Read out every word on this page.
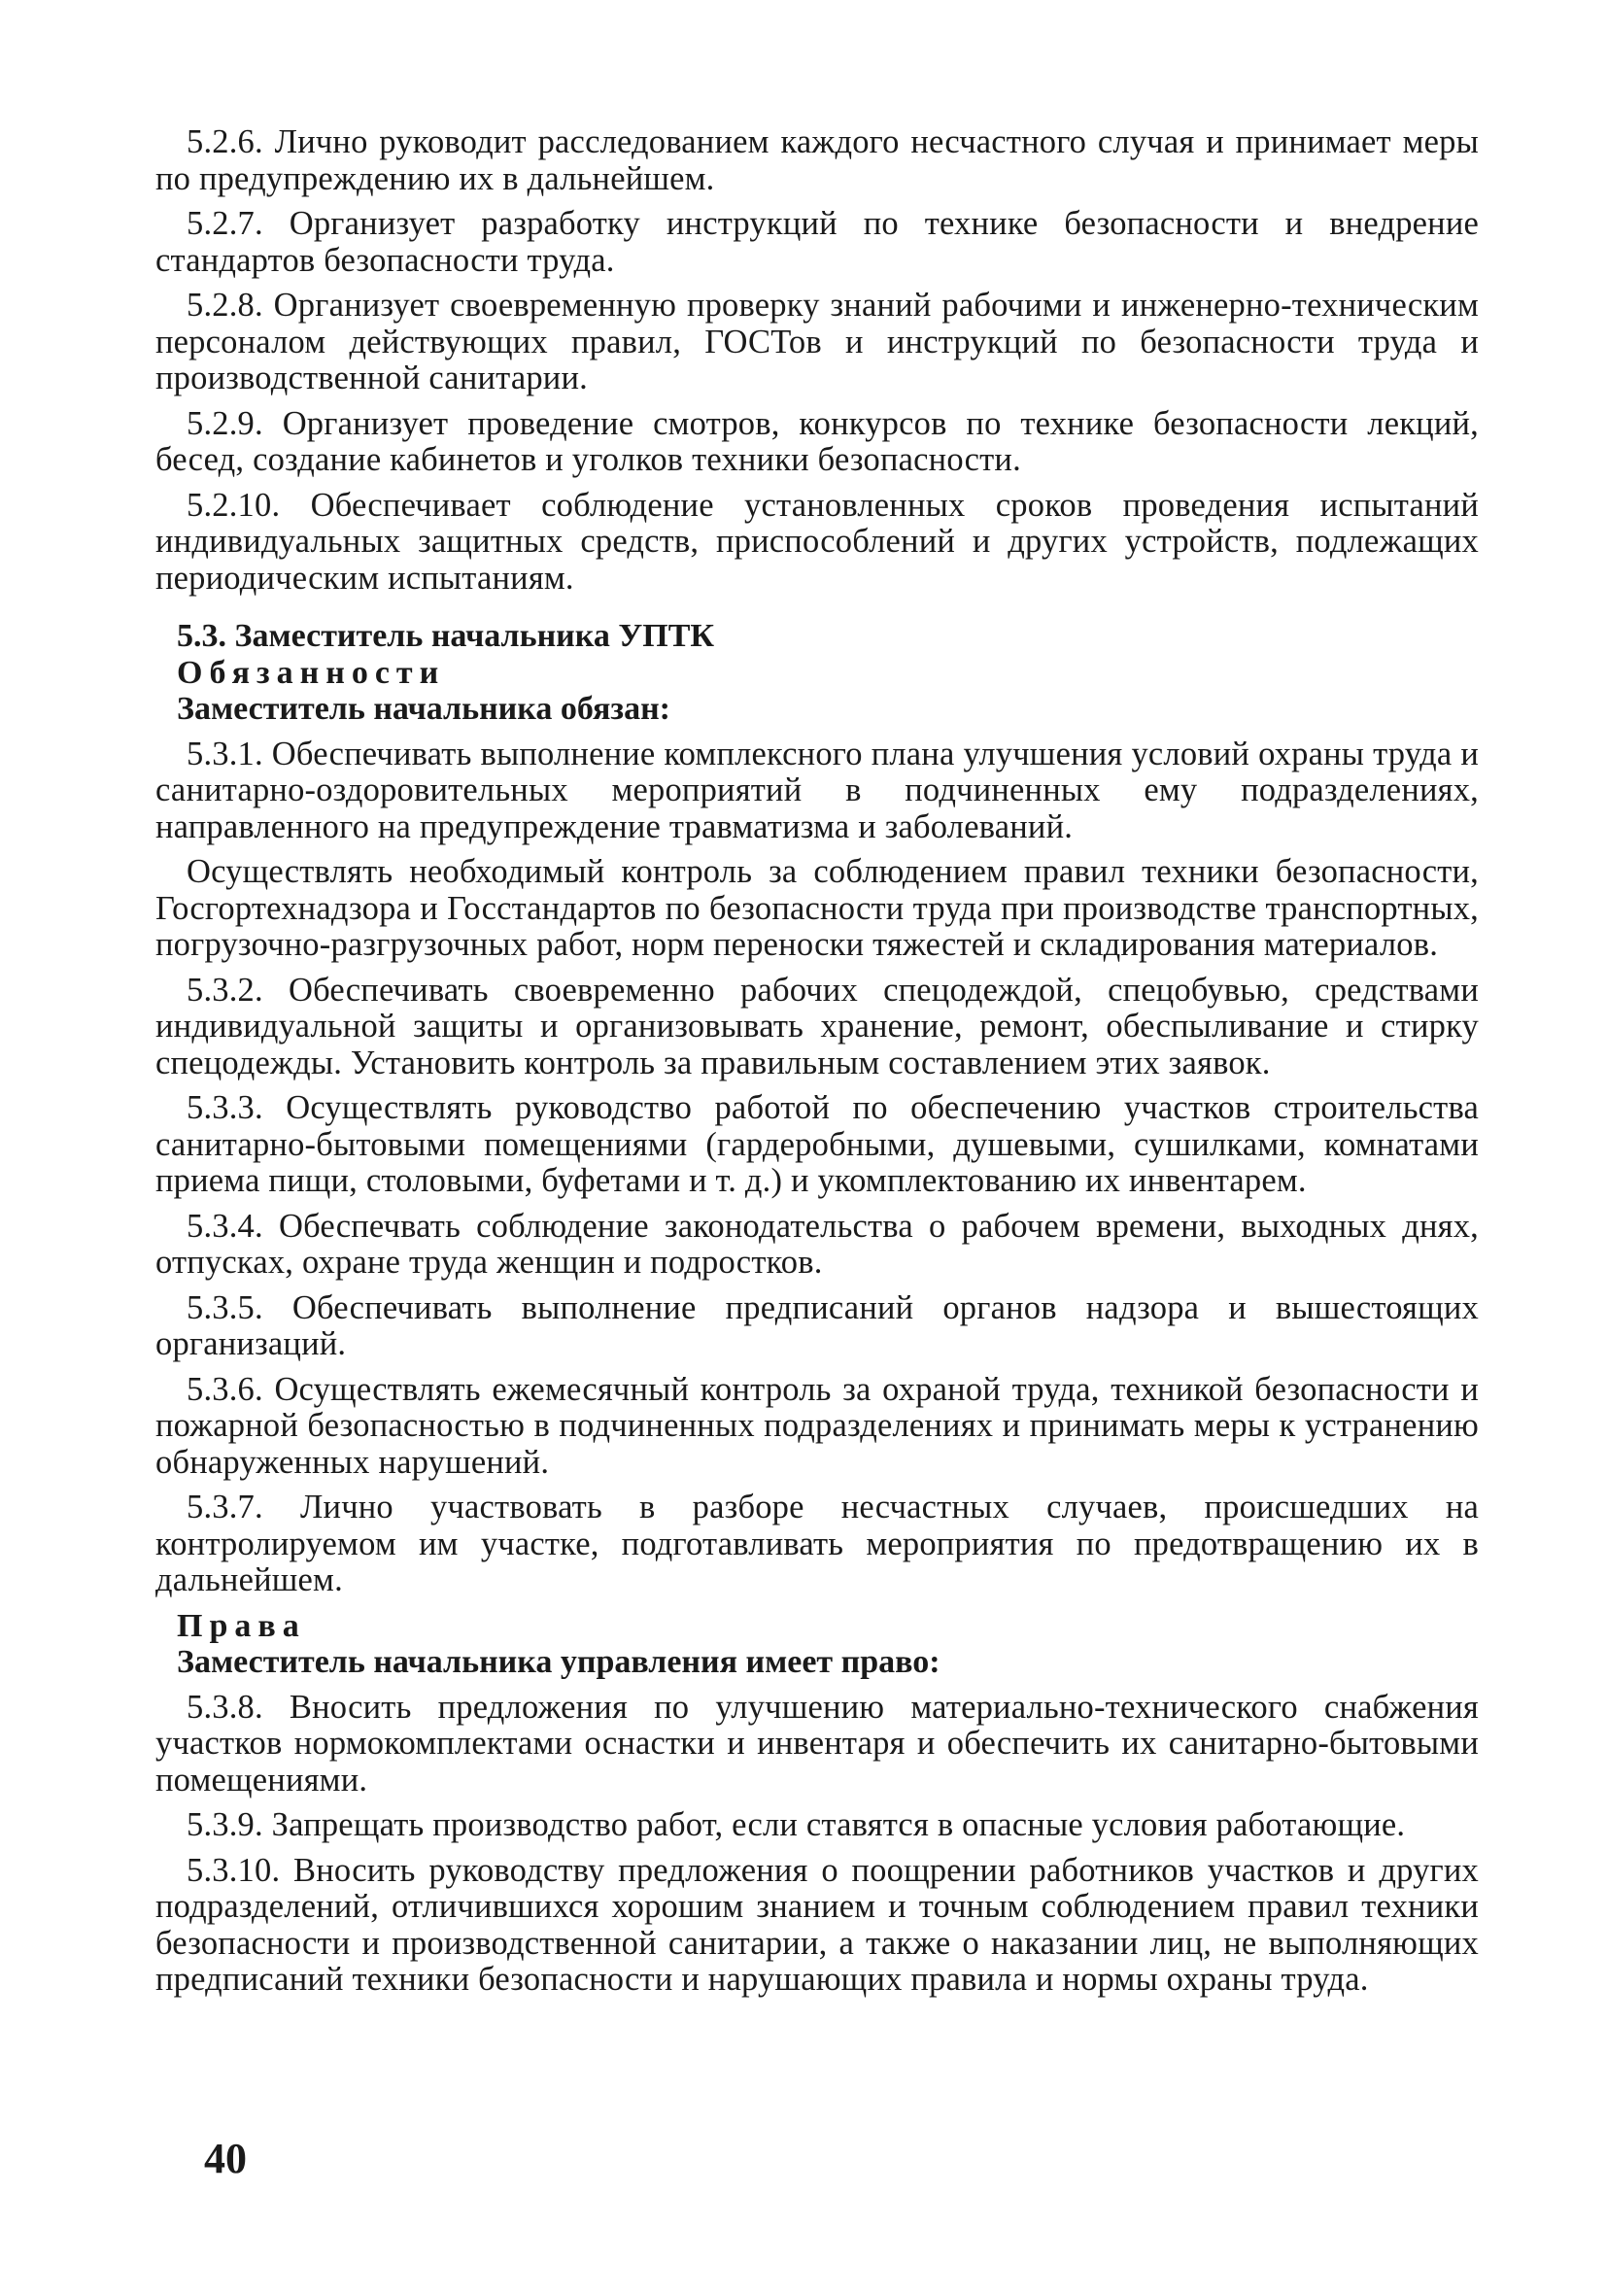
5.2.6. Лично руководит расследованием каждого несчастного случая и принимает меры по предупреждению их в дальнейшем.

5.2.7. Организует разработку инструкций по технике безопасности и внедрение стандартов безопасности труда.

5.2.8. Организует своевременную проверку знаний рабочими и инженерно-техническим персоналом действующих правил, ГОСТов и инструкций по безопасности труда и производственной санитарии.

5.2.9. Организует проведение смотров, конкурсов по технике безопасности лекций, бесед, создание кабинетов и уголков техники безопасности.

5.2.10. Обеспечивает соблюдение установленных сроков проведения испытаний индивидуальных защитных средств, приспособлений и других устройств, подлежащих периодическим испытаниям.

5.3. Заместитель начальника УПТК

Обязанности

Заместитель начальника обязан:

5.3.1. Обеспечивать выполнение комплексного плана улучшения условий охраны труда и санитарно-оздоровительных мероприятий в подчиненных ему подразделениях, направленного на предупреждение травматизма и заболеваний.

Осуществлять необходимый контроль за соблюдением правил техники безопасности, Госгортехнадзора и Госстандартов по безопасности труда при производстве транспортных, погрузочно-разгрузочных работ, норм переноски тяжестей и складирования материалов.

5.3.2. Обеспечивать своевременно рабочих спецодеждой, спецобувью, средствами индивидуальной защиты и организовывать хранение, ремонт, обеспыливание и стирку спецодежды. Установить контроль за правильным составлением этих заявок.

5.3.3. Осуществлять руководство работой по обеспечению участков строительства санитарно-бытовыми помещениями (гардеробными, душевыми, сушилками, комнатами приема пищи, столовыми, буфетами и т. д.) и укомплектованию их инвентарем.

5.3.4. Обеспечвать соблюдение законодательства о рабочем времени, выходных днях, отпусках, охране труда женщин и подростков.

5.3.5. Обеспечивать выполнение предписаний органов надзора и вышестоящих организаций.

5.3.6. Осуществлять ежемесячный контроль за охраной труда, техникой безопасности и пожарной безопасностью в подчиненных подразделениях и принимать меры к устранению обнаруженных нарушений.

5.3.7. Лично участвовать в разборе несчастных случаев, происшедших на контролируемом им участке, подготавливать мероприятия по предотвращению их в дальнейшем.

Права

Заместитель начальника управления имеет право:

5.3.8. Вносить предложения по улучшению материально-технического снабжения участков нормокомплектами оснастки и инвентаря и обеспечить их санитарно-бытовыми помещениями.

5.3.9. Запрещать производство работ, если ставятся в опасные условия работающие.

5.3.10. Вносить руководству предложения о поощрении работников участков и других подразделений, отличившихся хорошим знанием и точным соблюдением правил техники безопасности и производственной санитарии, а также о наказании лиц, не выполняющих предписаний техники безопасности и нарушающих правила и нормы охраны труда.

40
